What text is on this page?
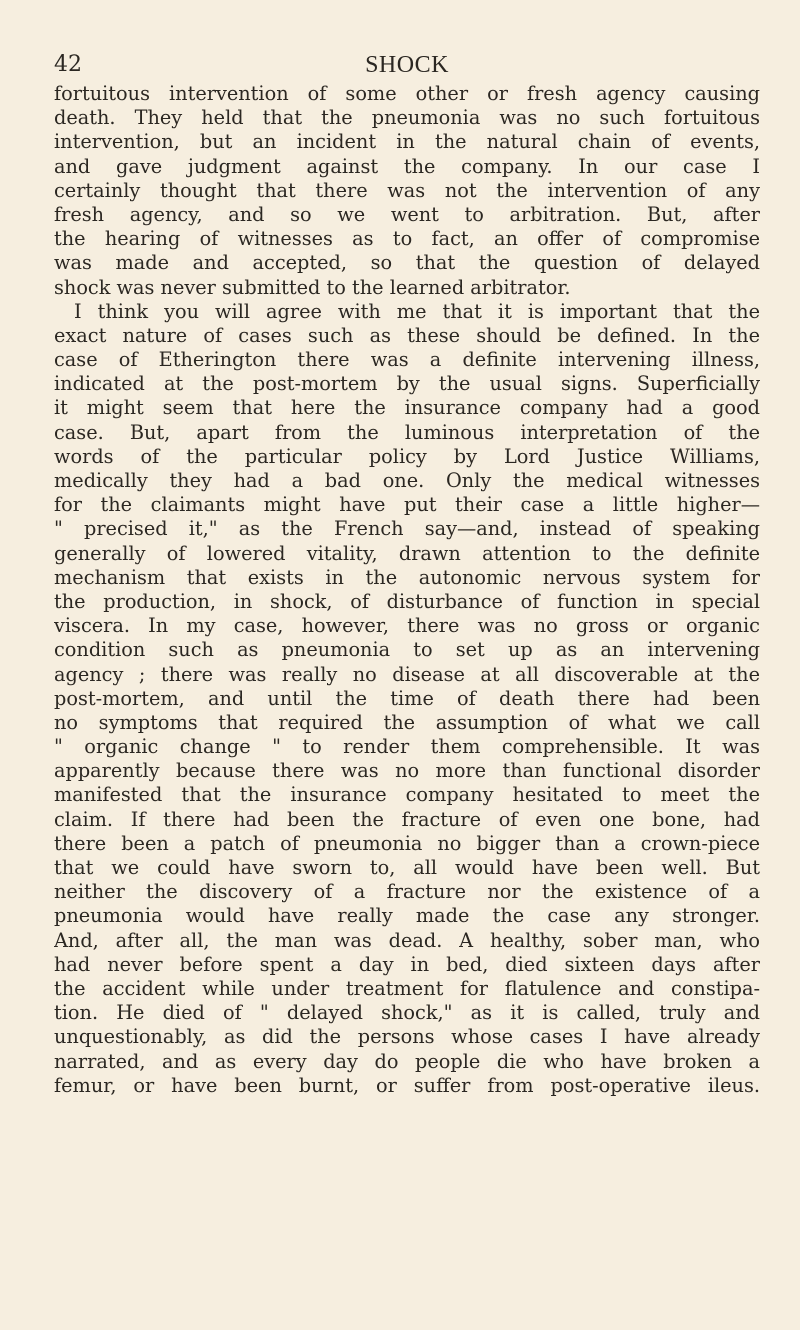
42	SHOCK
fortuitous intervention of some other or fresh agency causing
death. They held that the pneumonia was no such fortuitous
intervention, but an incident in the natural chain of events,
and gave judgment against the company. In our case I
certainly thought that there was not the intervention of any
fresh agency, and so we went to arbitration. But, after
the hearing of witnesses as to fact, an offer of compromise
was made and accepted, so that the question of delayed
shock was never submitted to the learned arbitrator.
I think you will agree with me that it is important that the
exact nature of cases such as these should be defined. In the
case of Etherington there was a definite intervening illness,
indicated at the post-mortem by the usual signs. Superficially
it might seem that here the insurance company had a good
case. But, apart from the luminous interpretation of the
words of the particular policy by Lord Justice Williams,
medically they had a bad one. Only the medical witnesses
for the claimants might have put their case a little higher—
" precised it," as the French say—and, instead of speaking
generally of lowered vitality, drawn attention to the definite
mechanism that exists in the autonomic nervous system for
the production, in shock, of disturbance of function in special
viscera. In my case, however, there was no gross or organic
condition such as pneumonia to set up as an intervening
agency ; there was really no disease at all discoverable at the
post-mortem, and until the time of death there had been
no symptoms that required the assumption of what we call
" organic change " to render them comprehensible. It was
apparently because there was no more than functional disorder
manifested that the insurance company hesitated to meet the
claim. If there had been the fracture of even one bone, had
there been a patch of pneumonia no bigger than a crown-piece
that we could have sworn to, all would have been well. But
neither the discovery of a fracture nor the existence of a
pneumonia would have really made the case any stronger.
And, after all, the man was dead. A healthy, sober man, who
had never before spent a day in bed, died sixteen days after
the accident while under treatment for flatulence and constipa-
tion. He died of " delayed shock," as it is called, truly and
unquestionably, as did the persons whose cases I have already
narrated, and as every day do people die who have broken a
femur, or have been burnt, or suffer from post-operative ileus.
